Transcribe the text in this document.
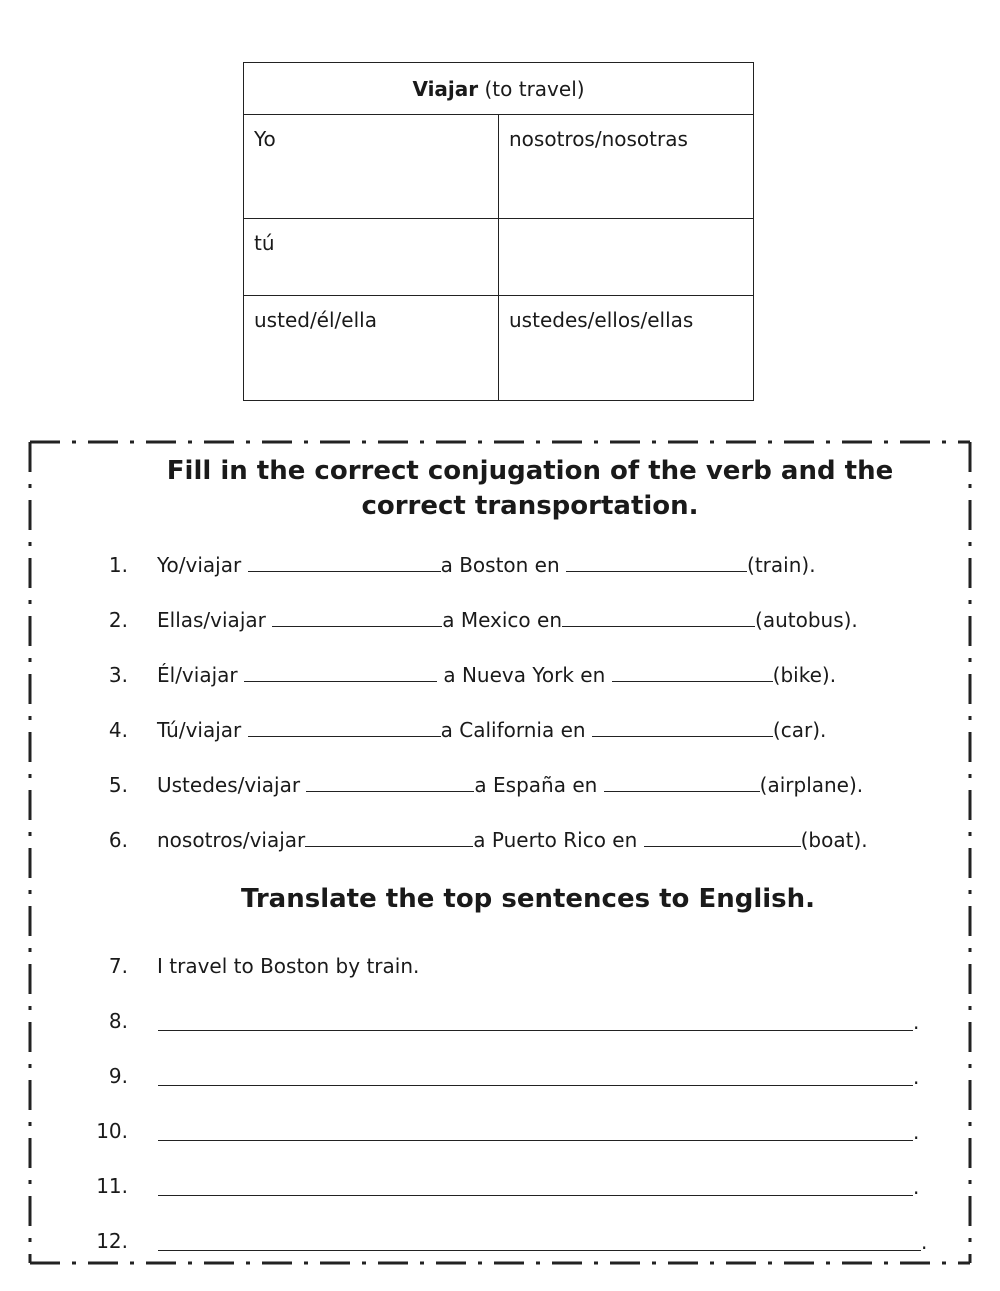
Viajar (to travel)	
Yo	nosotros/nosotras
tú	
usted/él/ella	ustedes/ellos/ellas
Fill in the correct conjugation of the verb and the correct transportation.
1. Yo/viajar	a Boston en	(train).
2. Ellas/viajar	a Mexico en	(autobus).
3. Él/viajar	a Nueva York en	(bike).
4. Tú/viajar	a California en	(car).
5. Ustedes/viajar	a España en	(airplane).
6. nosotros/viajar	a Puerto Rico en	(boat).
Translate the top sentences to English.
7. I travel to Boston by train.
8.	.
9.	.
10.	.
11.	.
12.	.
